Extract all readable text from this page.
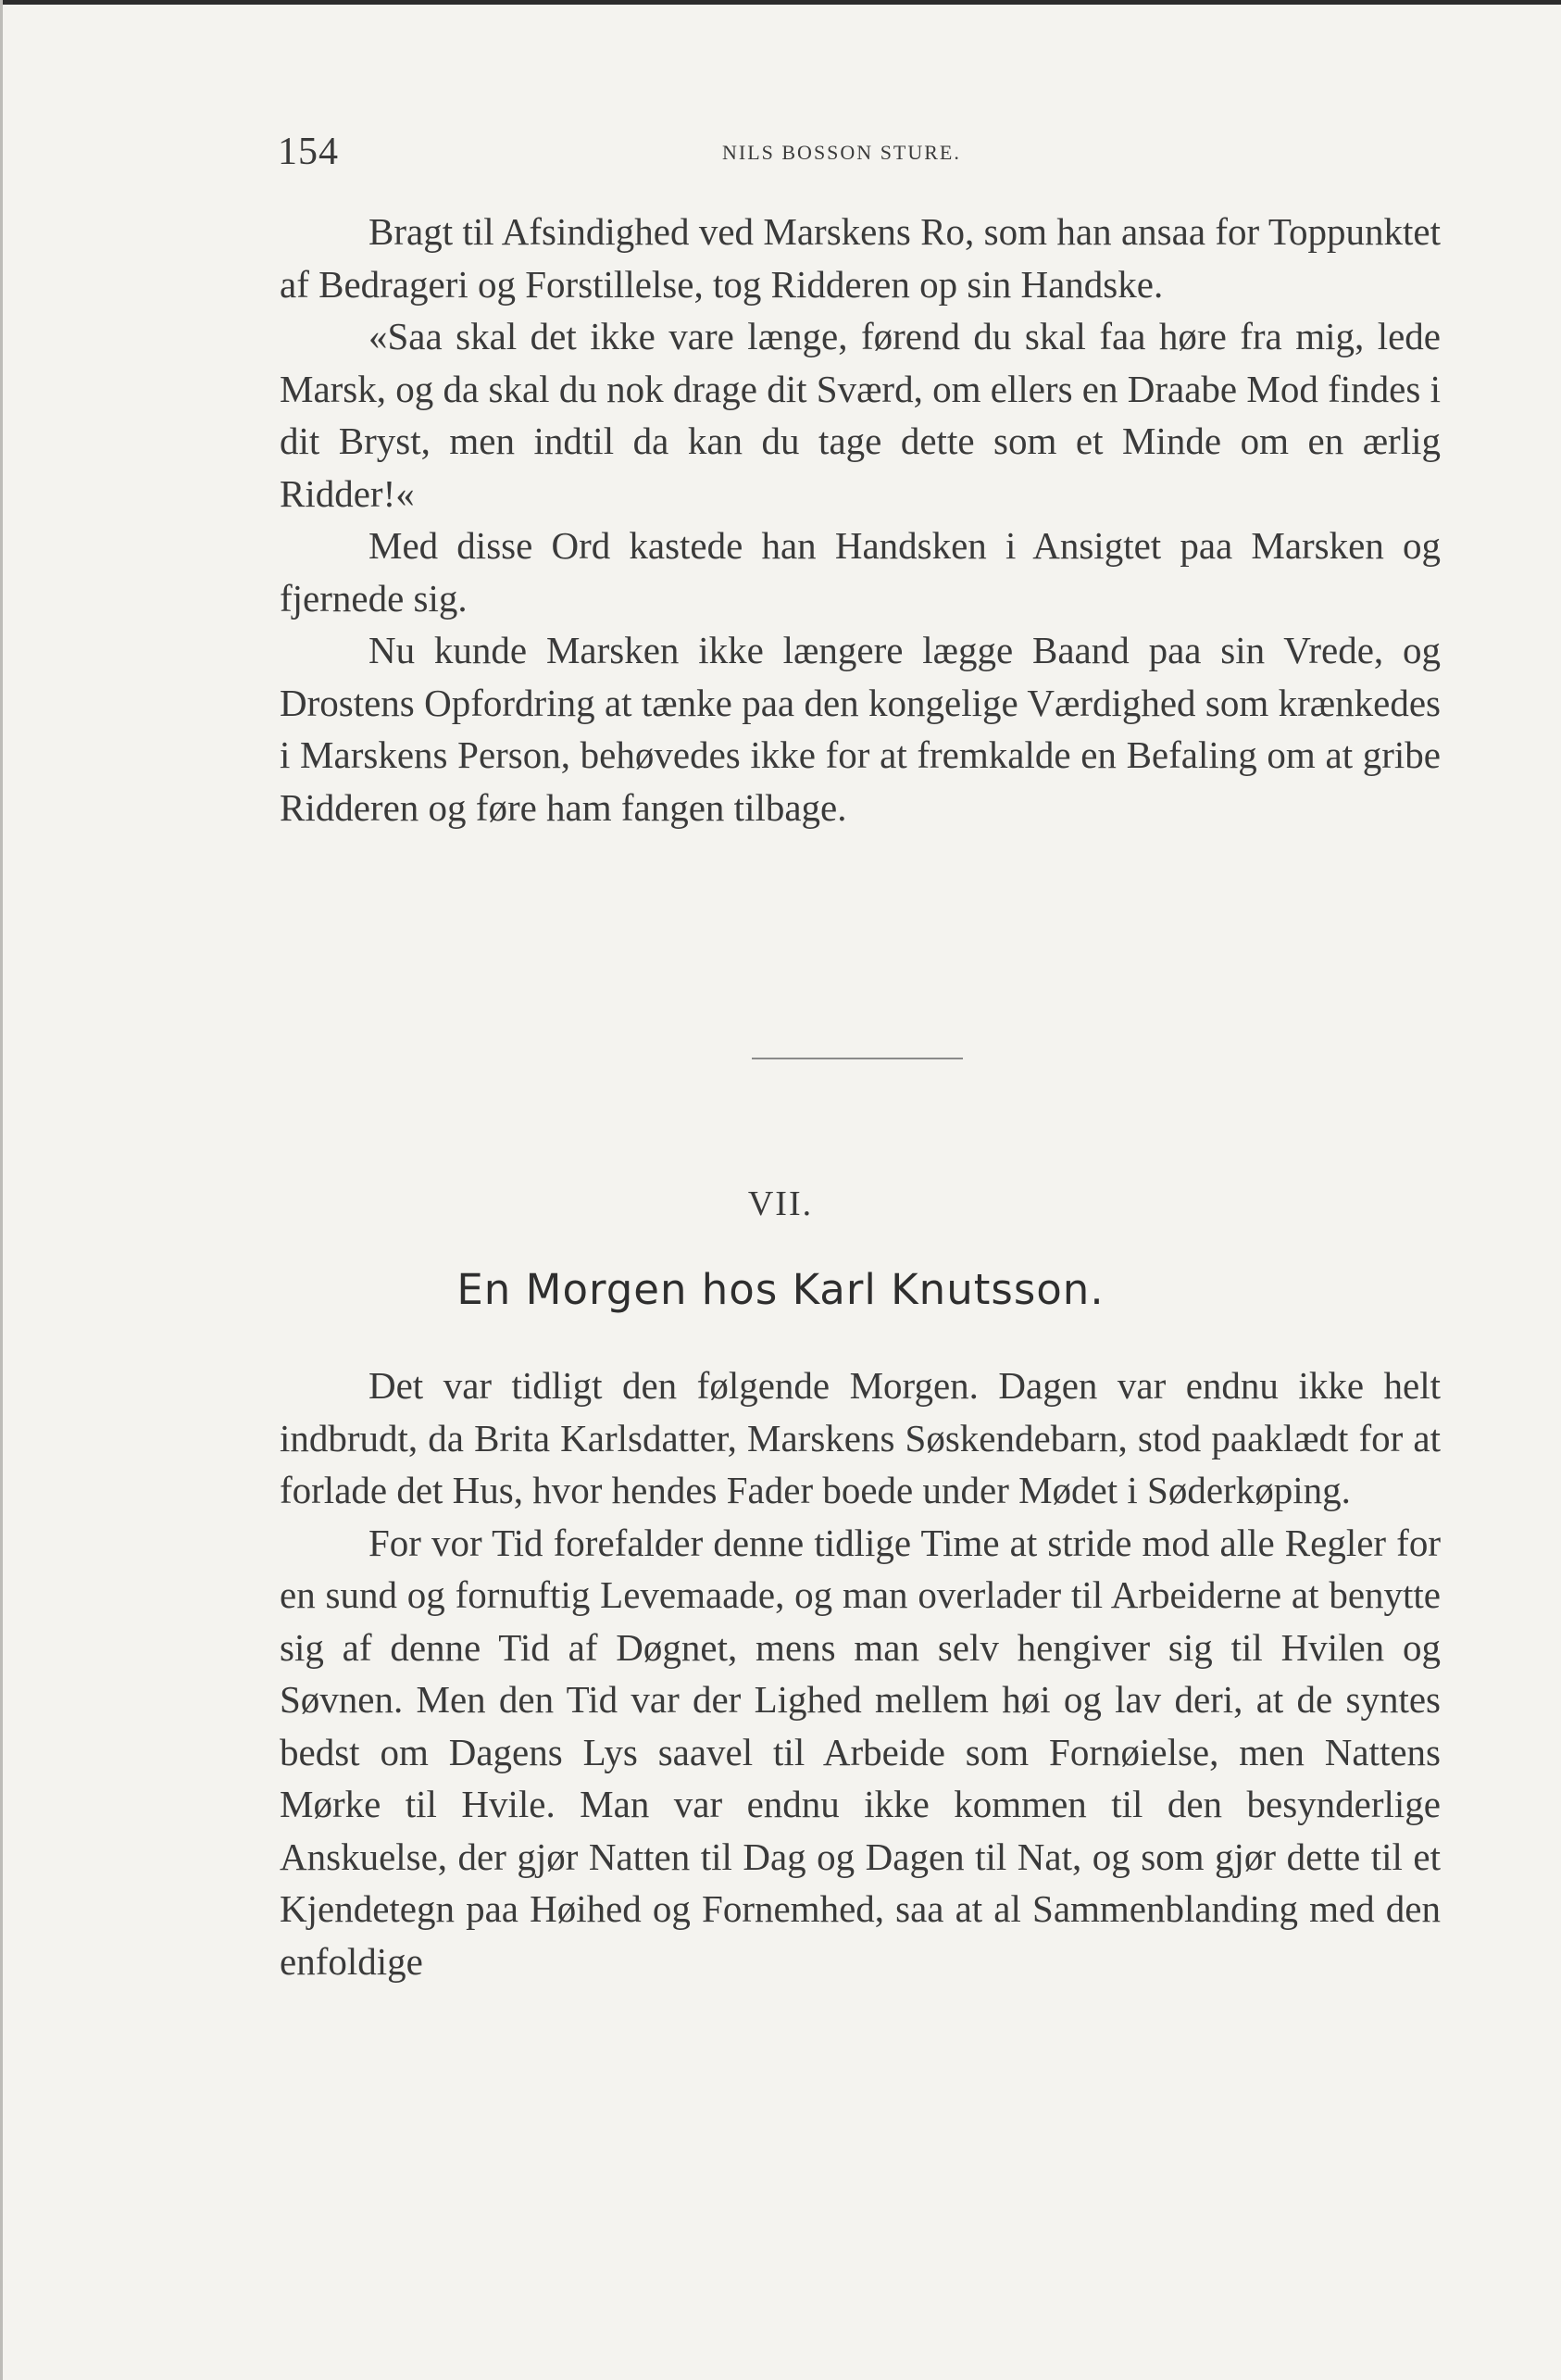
154	NILS BOSSON STURE.

Bragt til Afsindighed ved Marskens Ro, som han ansaa for Toppunktet af Bedrageri og Forstillelse, tog Ridderen op sin Handske.

«Saa skal det ikke vare længe, førend du skal faa høre fra mig, lede Marsk, og da skal du nok drage dit Sværd, om ellers en Draabe Mod findes i dit Bryst, men indtil da kan du tage dette som et Minde om en ærlig Ridder!«

Med disse Ord kastede han Handsken i Ansigtet paa Marsken og fjernede sig.

Nu kunde Marsken ikke længere lægge Baand paa sin Vrede, og Drostens Opfordring at tænke paa den kongelige Værdighed som krænkedes i Marskens Person, behøvedes ikke for at fremkalde en Befaling om at gribe Ridderen og føre ham fangen tilbage.

VII.
En Morgen hos Karl Knutsson.

Det var tidligt den følgende Morgen. Dagen var endnu ikke helt indbrudt, da Brita Karlsdatter, Marskens Søskendebarn, stod paaklædt for at forlade det Hus, hvor hendes Fader boede under Mødet i Søderkøping.

For vor Tid forefalder denne tidlige Time at stride mod alle Regler for en sund og fornuftig Levemaade, og man overlader til Arbeiderne at benytte sig af denne Tid af Døgnet, mens man selv hengiver sig til Hvilen og Søvnen. Men den Tid var der Lighed mellem høi og lav deri, at de syntes bedst om Dagens Lys saavel til Arbeide som Fornøielse, men Nattens Mørke til Hvile. Man var endnu ikke kommen til den besynderlige Anskuelse, der gjør Natten til Dag og Dagen til Nat, og som gjør dette til et Kjendetegn paa Høihed og Fornemhed, saa at al Sammenblanding med den enfoldige
